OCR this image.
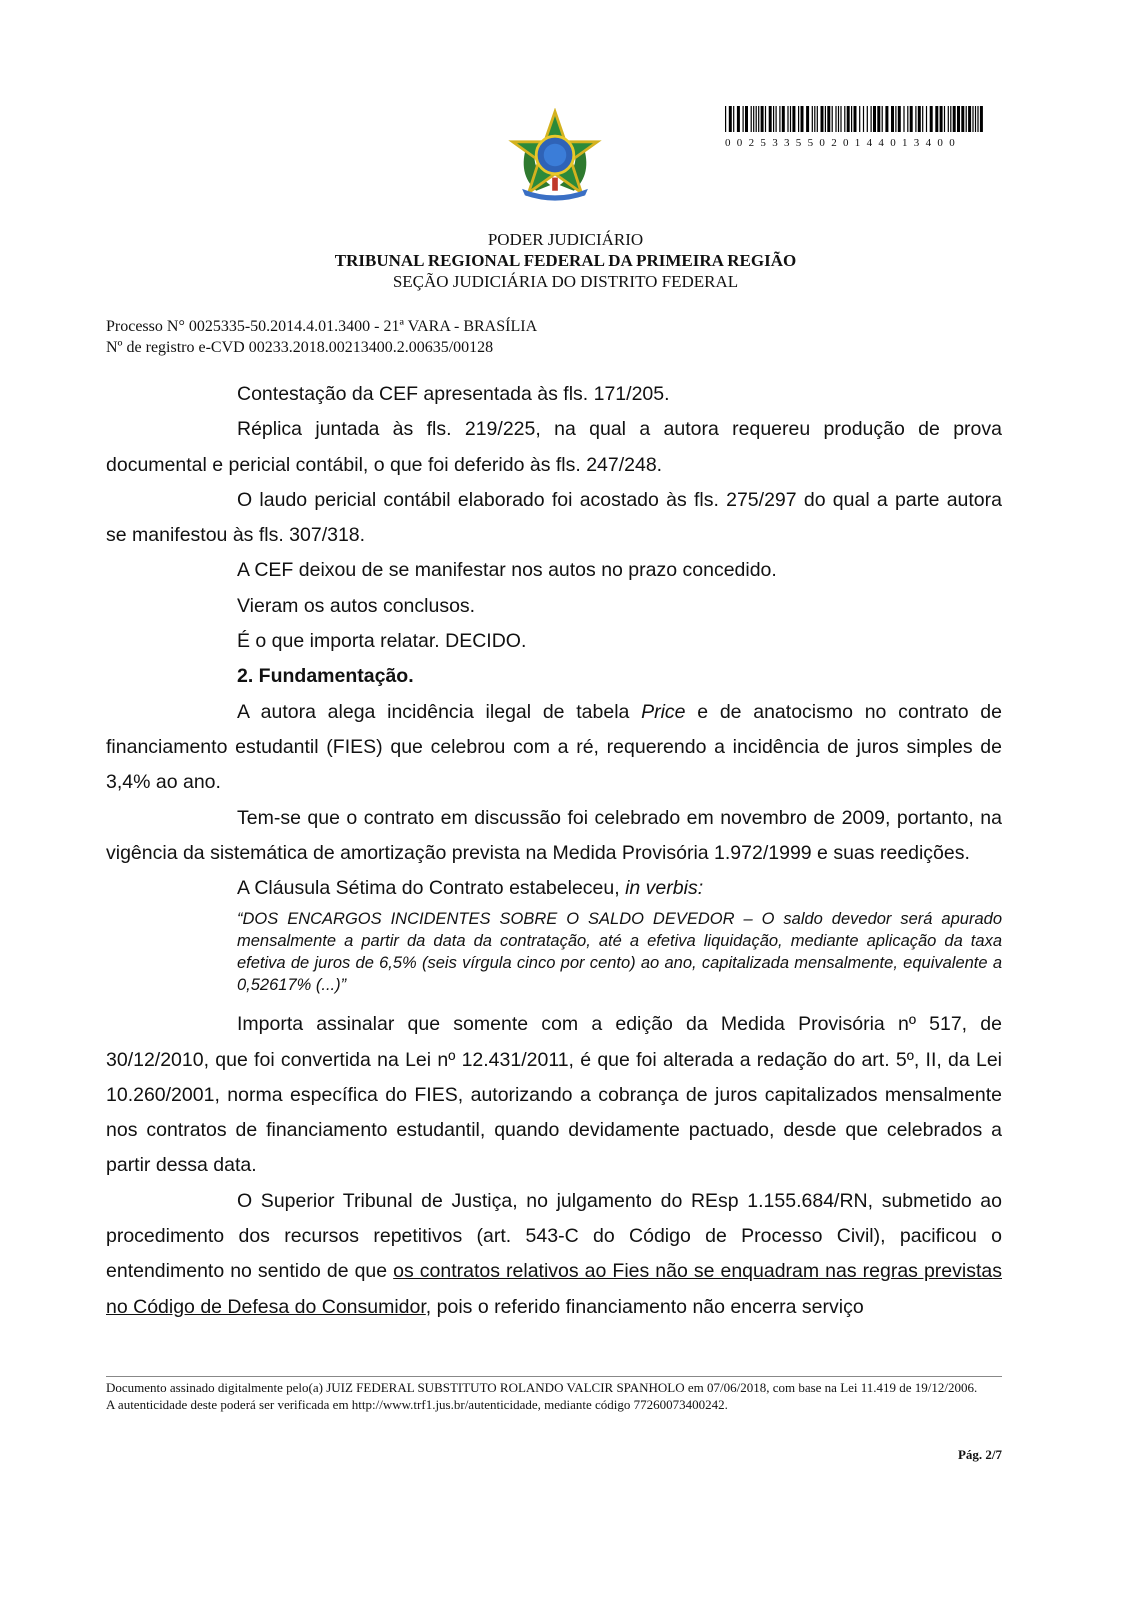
00253355020144013400
PODER JUDICIÁRIO
TRIBUNAL REGIONAL FEDERAL DA PRIMEIRA REGIÃO
SEÇÃO JUDICIÁRIA DO DISTRITO FEDERAL
Processo N° 0025335-50.2014.4.01.3400 - 21ª VARA - BRASÍLIA
Nº de registro e-CVD 00233.2018.00213400.2.00635/00128

Contestação da CEF apresentada às fls. 171/205.

Réplica juntada às fls. 219/225, na qual a autora requereu produção de prova documental e pericial contábil, o que foi deferido às fls. 247/248.

O laudo pericial contábil elaborado foi acostado às fls. 275/297 do qual a parte autora se manifestou às fls. 307/318.

A CEF deixou de se manifestar nos autos no prazo concedido.

Vieram os autos conclusos.

É o que importa relatar. DECIDO.

2. Fundamentação.

A autora alega incidência ilegal de tabela Price e de anatocismo no contrato de financiamento estudantil (FIES) que celebrou com a ré, requerendo a incidência de juros simples de 3,4% ao ano.

Tem-se que o contrato em discussão foi celebrado em novembro de 2009, portanto, na vigência da sistemática de amortização prevista na Medida Provisória 1.972/1999 e suas reedições.

A Cláusula Sétima do Contrato estabeleceu, in verbis:

“DOS ENCARGOS INCIDENTES SOBRE O SALDO DEVEDOR – O saldo devedor será apurado mensalmente a partir da data da contratação, até a efetiva liquidação, mediante aplicação da taxa efetiva de juros de 6,5% (seis vírgula cinco por cento) ao ano, capitalizada mensalmente, equivalente a 0,52617% (...)”

Importa assinalar que somente com a edição da Medida Provisória nº 517, de 30/12/2010, que foi convertida na Lei nº 12.431/2011, é que foi alterada a redação do art. 5º, II, da Lei 10.260/2001, norma específica do FIES, autorizando a cobrança de juros capitalizados mensalmente nos contratos de financiamento estudantil, quando devidamente pactuado, desde que celebrados a partir dessa data.

O Superior Tribunal de Justiça, no julgamento do REsp 1.155.684/RN, submetido ao procedimento dos recursos repetitivos (art. 543-C do Código de Processo Civil), pacificou o entendimento no sentido de que os contratos relativos ao Fies não se enquadram nas regras previstas no Código de Defesa do Consumidor, pois o referido financiamento não encerra serviço

Documento assinado digitalmente pelo(a) JUIZ FEDERAL SUBSTITUTO ROLANDO VALCIR SPANHOLO em 07/06/2018, com base na Lei 11.419 de 19/12/2006.
A autenticidade deste poderá ser verificada em http://www.trf1.jus.br/autenticidade, mediante código 77260073400242.
Pág. 2/7
